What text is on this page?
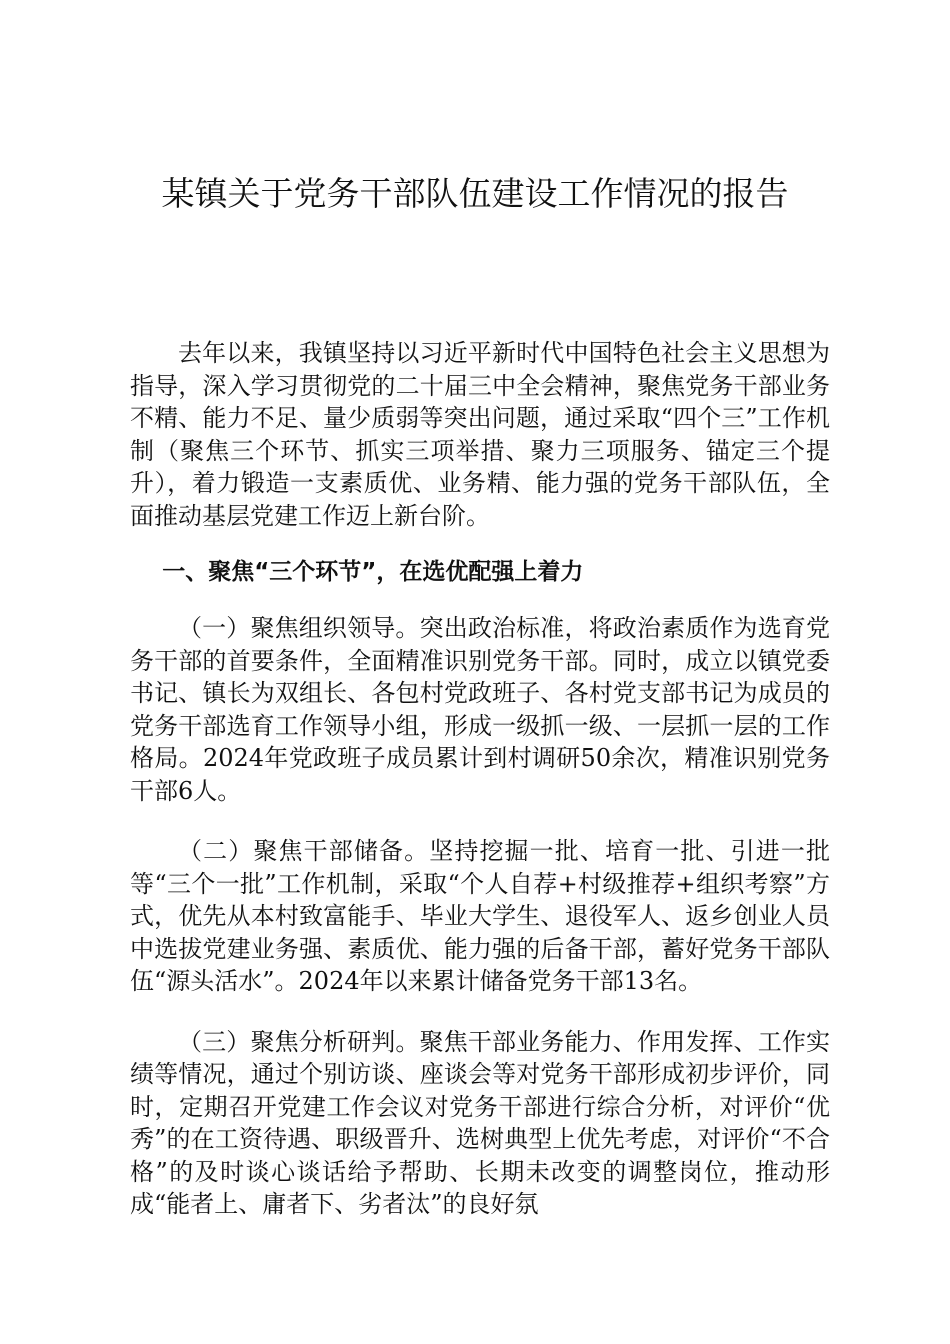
某镇关于党务干部队伍建设工作情况的报告

去年以来，我镇坚持以习近平新时代中国特色社会主义思想为指导，深入学习贯彻党的二十届三中全会精神，聚焦党务干部业务不精、能力不足、量少质弱等突出问题，通过采取“四个三”工作机制（聚焦三个环节、抓实三项举措、聚力三项服务、锚定三个提升），着力锻造一支素质优、业务精、能力强的党务干部队伍，全面推动基层党建工作迈上新台阶。

一、聚焦“三个环节”，在选优配强上着力

（一）聚焦组织领导。突出政治标准，将政治素质作为选育党务干部的首要条件，全面精准识别党务干部。同时，成立以镇党委书记、镇长为双组长、各包村党政班子、各村党支部书记为成员的党务干部选育工作领导小组，形成一级抓一级、一层抓一层的工作格局。2024年党政班子成员累计到村调研50余次，精准识别党务干部6人。

（二）聚焦干部储备。坚持挖掘一批、培育一批、引进一批等“三个一批”工作机制，采取“个人自荐+村级推荐+组织考察”方式，优先从本村致富能手、毕业大学生、退役军人、返乡创业人员中选拔党建业务强、素质优、能力强的后备干部，蓄好党务干部队伍“源头活水”。2024年以来累计储备党务干部13名。

（三）聚焦分析研判。聚焦干部业务能力、作用发挥、工作实绩等情况，通过个别访谈、座谈会等对党务干部形成初步评价，同时，定期召开党建工作会议对党务干部进行综合分析，对评价“优秀”的在工资待遇、职级晋升、选树典型上优先考虑，对评价“不合格”的及时谈心谈话给予帮助、长期未改变的调整岗位，推动形成“能者上、庸者下、劣者汰”的良好氛
